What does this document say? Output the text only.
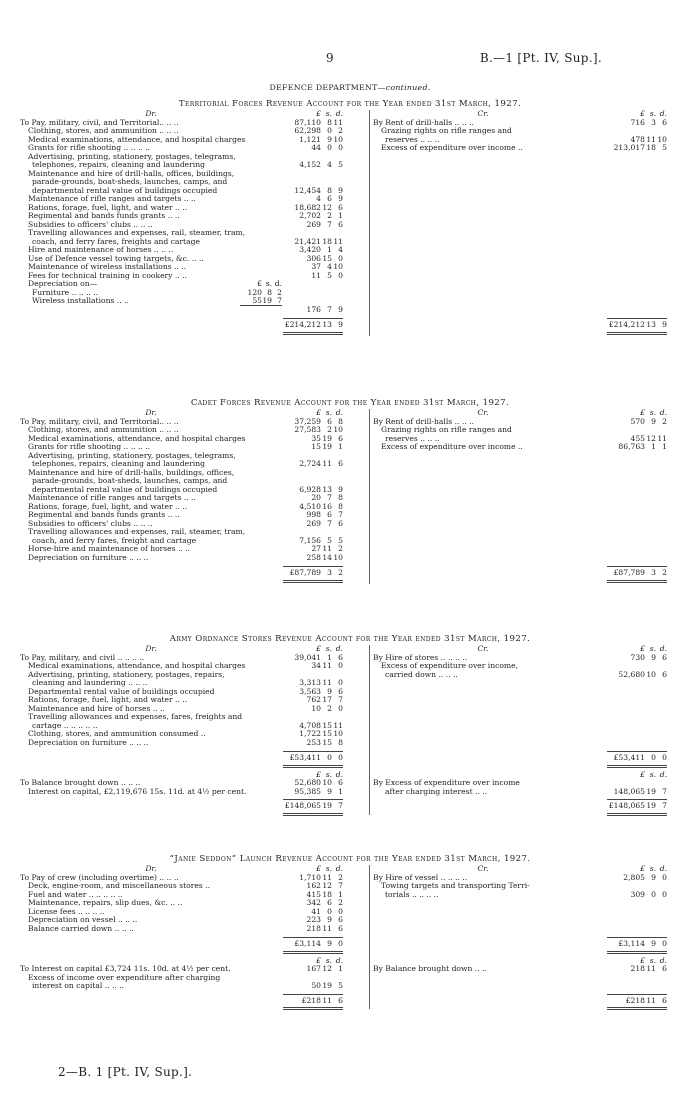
9	B.—1 [Pt. IV, Sup.].
DEFENCE DEPARTMENT—continued.
Territorial Forces Revenue Account for the Year ended 31st March, 1927.
Dr.	£ s. d.
To Pay, military, civil, and Territorial.. .. ..	87,110 8 11
Clothing, stores, and ammunition .. .. ..	62,298 0 2
Medical examinations, attendance, and hospital charges	1,121 9 10
Grants for rifle shooting .. .. .. ..	44 0 0
Advertising, printing, stationery, postages, telegrams,
telephones, repairs, cleaning and laundering	4,152 4 5
Maintenance and hire of drill-halls, offices, buildings,
parade-grounds, boat-sheds, launches, camps, and
departmental rental value of buildings occupied	12,454 8 9
Maintenance of rifle ranges and targets .. ..	4 6 9
Rations, forage, fuel, light, and water .. ..	18,682 12 6
Regimental and bands funds grants .. ..	2,702 2 1
Subsidies to officers' clubs .. .. ..	269 7 6
Travelling allowances and expenses, rail, steamer, tram,
coach, and ferry fares, freights and cartage	21,421 18 11
Hire and maintenance of horses .. .. ..	3,420 1 4
Use of Defence vessel towing targets, &c. .. ..	306 15 0
Maintenance of wireless installations .. ..	37 4 10
Fees for technical training in cookery .. ..	11 5 0
Depreciation on—	£ s. d.
Furniture .. .. .. ..	120 8 2
Wireless installations .. ..	55 19 7
176 7 9
£214,212 13 9
Cr.	£ s. d.
By Rent of drill-halls .. .. ..	716 3 6
Grazing rights on rifle ranges and
reserves .. .. ..	478 11 10
Excess of expenditure over income ..	213,017 18 5
£214,212 13 9
Cadet Forces Revenue Account for the Year ended 31st March, 1927.
Dr.	£ s. d.
To Pay, military, civil, and Territorial.. .. ..	37,259 6 8
Clothing, stores, and ammunition .. .. ..	27,583 2 10
Medical examinations, attendance, and hospital charges	35 19 6
Grants for rifle shooting .. .. .. ..	15 19 1
Advertising, printing, stationery, postages, telegrams,
telephones, repairs, cleaning and laundering	2,724 11 6
Maintenance and hire of drill-halls, buildings, offices,
parade-grounds, boat-sheds, launches, camps, and
departmental rental value of buildings occupied	6,928 13 9
Maintenance of rifle ranges and targets .. ..	20 7 8
Rations, forage, fuel, light, and water .. ..	4,510 16 8
Regimental and bands funds grants .. ..	998 6 7
Subsidies to officers' clubs .. .. ..	269 7 6
Travelling allowances and expenses, rail, steamer, tram,
coach, and ferry fares, freight and cartage	7,156 5 5
Horse-hire and maintenance of horses .. ..	27 11 2
Depreciation on furniture .. .. ..	258 14 10
£87,789 3 2
Cr.	£ s. d.
By Rent of drill-halls .. .. ..	570 9 2
Grazing rights on rifle ranges and
reserves .. .. ..	455 12 11
Excess of expenditure over income ..	86,763 1 1
£87,789 3 2
Army Ordnance Stores Revenue Account for the Year ended 31st March, 1927.
Dr.	£ s. d.
To Pay, military, and civil .. .. .. ..	39,041 1 6
Medical examinations, attendance, and hospital charges	34 11 0
Advertising, printing, stationery, postages, repairs,
cleaning and laundering .. .. ..	3,313 11 0
Departmental rental value of buildings occupied	3,563 9 6
Rations, forage, fuel, light, and water .. ..	762 17 7
Maintenance and hire of horses .. ..	10 2 0
Travelling allowances and expenses, fares, freights and
cartage .. .. .. .. ..	4,708 15 11
Clothing, stores, and ammunition consumed ..	1,722 15 10
Depreciation on furniture .. .. ..	253 15 8
£53,411 0 0
£ s. d.
To Balance brought down .. .. ..	52,680 10 6
Interest on capital, £2,119,676 15s. 11d. at 4½ per cent.	95,385 9 1
£148,065 19 7
Cr.	£ s. d.
By Hire of stores .. .. .. ..	730 9 6
Excess of expenditure over income,
carried down .. .. ..	52,680 10 6
£53,411 0 0
£ s. d.
By Excess of expenditure over income
after charging interest .. ..	148,065 19 7
£148,065 19 7
“Janie Seddon” Launch Revenue Account for the Year ended 31st March, 1927.
Dr.	£ s. d.
To Pay of crew (including overtime) .. .. ..	1,710 11 2
Deck, engine-room, and miscellaneous stores ..	162 12 7
Fuel and water .. .. .. .. ..	415 18 1
Maintenance, repairs, slip dues, &c. .. ..	342 6 2
License fees .. .. .. ..	41 0 0
Depreciation on vessel .. .. ..	223 9 6
Balance carried down .. .. ..	218 11 6
£3,114 9 0
£ s. d.
To Interest on capital £3,724 11s. 10d. at 4½ per cent.	167 12 1
Excess of income over expenditure after charging
interest on capital .. .. ..	50 19 5
£218 11 6
Cr.	£ s. d.
By Hire of vessel .. .. .. ..	2,805 9 0
Towing targets and transporting Terri-
torials .. .. .. ..	309 0 0
£3,114 9 0
£ s. d.
By Balance brought down .. ..	218 11 6
£218 11 6
2—B. 1 [Pt. IV, Sup.].
